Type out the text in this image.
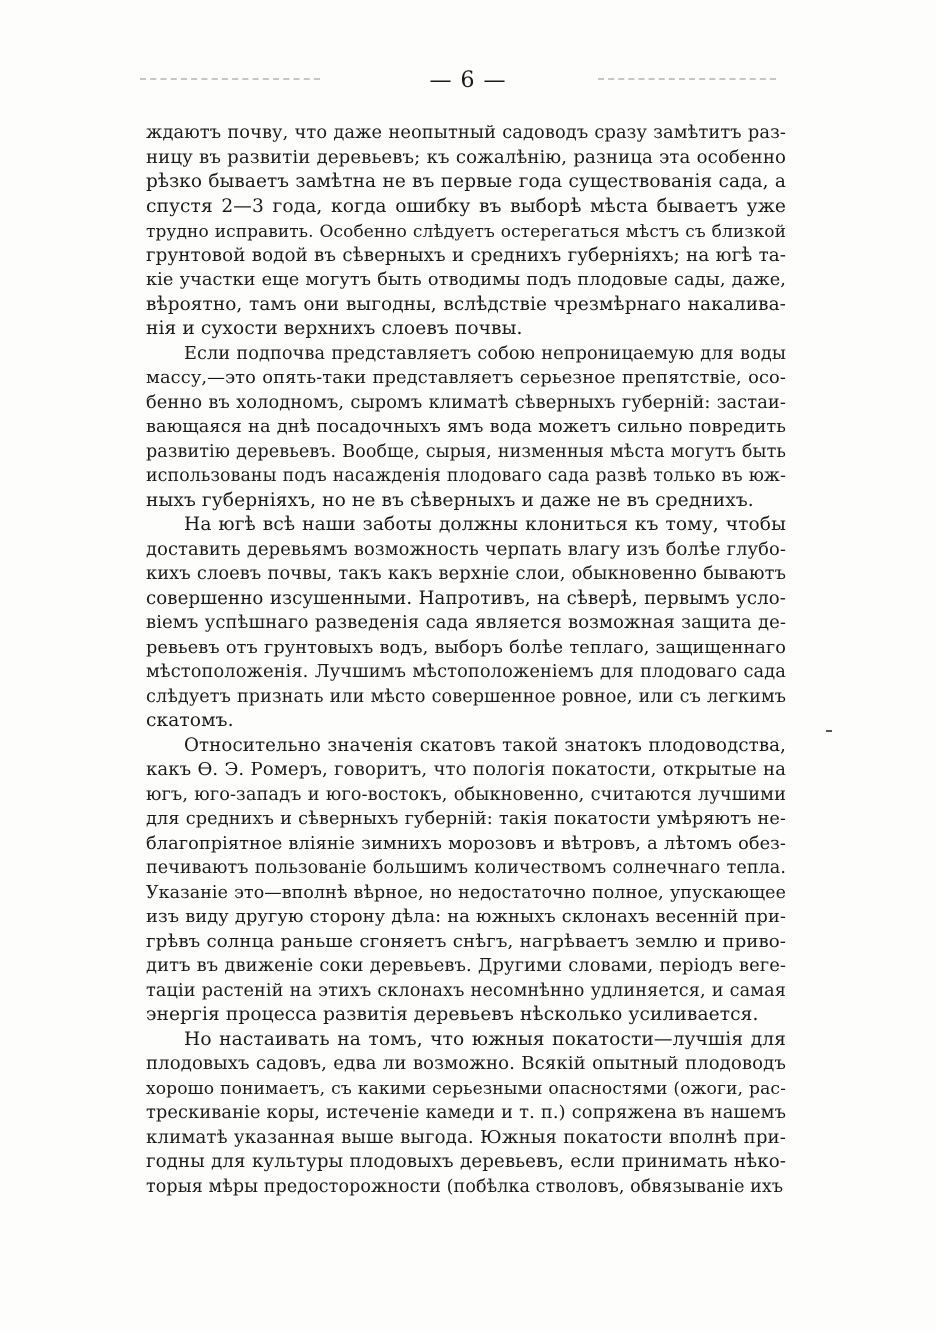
— 6 —
ждаютъ почву, что даже неопытный садоводъ сразу замѣтитъ раз-
ницу въ развитіи деревьевъ; къ сожалѣнію, разница эта особенно
рѣзко бываетъ замѣтна не въ первые года существованія сада, а
спустя 2—3 года, когда ошибку въ выборѣ мѣста бываетъ уже
трудно исправить. Особенно слѣдуетъ остерегаться мѣстъ съ близкой
грунтовой водой въ сѣверныхъ и среднихъ губерніяхъ; на югѣ та-
кіе участки еще могутъ быть отводимы подъ плодовые сады, даже,
вѣроятно, тамъ они выгодны, вслѣдствіе чрезмѣрнаго накалива-
нія и сухости верхнихъ слоевъ почвы.
Если подпочва представляетъ собою непроницаемую для воды
массу,—это опять-таки представляетъ серьезное препятствіе, осо-
бенно въ холодномъ, сыромъ климатѣ сѣверныхъ губерній: застаи-
вающаяся на днѣ посадочныхъ ямъ вода можетъ сильно повредить
развитію деревьевъ. Вообще, сырыя, низменныя мѣста могутъ быть
использованы подъ насажденія плодоваго сада развѣ только въ юж-
ныхъ губерніяхъ, но не въ сѣверныхъ и даже не въ среднихъ.
На югѣ всѣ наши заботы должны клониться къ тому, чтобы
доставить деревьямъ возможность черпать влагу изъ болѣе глубо-
кихъ слоевъ почвы, такъ какъ верхніе слои, обыкновенно бываютъ
совершенно изсушенными. Напротивъ, на сѣверѣ, первымъ усло-
віемъ успѣшнаго разведенія сада является возможная защита де-
ревьевъ отъ грунтовыхъ водъ, выборъ болѣе теплаго, защищеннаго
мѣстоположенія. Лучшимъ мѣстоположеніемъ для плодоваго сада
слѣдуетъ признать или мѣсто совершенное ровное, или съ легкимъ
скатомъ.
Относительно значенія скатовъ такой знатокъ плодоводства,
какъ Ѳ. Э. Ромеръ, говоритъ, что пологія покатости, открытые на
югъ, юго-западъ и юго-востокъ, обыкновенно, считаются лучшими
для среднихъ и сѣверныхъ губерній: такія покатости умѣряютъ не-
благопріятное вліяніе зимнихъ морозовъ и вѣтровъ, а лѣтомъ обез-
печиваютъ пользованіе большимъ количествомъ солнечнаго тепла.
Указаніе это—вполнѣ вѣрное, но недостаточно полное, упускающее
изъ виду другую сторону дѣла: на южныхъ склонахъ весенній при-
грѣвъ солнца раньше сгоняетъ снѣгъ, нагрѣваетъ землю и приво-
дитъ въ движеніе соки деревьевъ. Другими словами, періодъ веге-
таціи растеній на этихъ склонахъ несомнѣнно удлиняется, и самая
энергія процесса развитія деревьевъ нѣсколько усиливается.
Но настаивать на томъ, что южныя покатости—лучшія для
плодовыхъ садовъ, едва ли возможно. Всякій опытный плодоводъ
хорошо понимаетъ, съ какими серьезными опасностями (ожоги, рас-
трескиваніе коры, истеченіе камеди и т. п.) сопряжена въ нашемъ
климатѣ указанная выше выгода. Южныя покатости вполнѣ при-
годны для культуры плодовыхъ деревьевъ, если принимать нѣко-
торыя мѣры предосторожности (побѣлка стволовъ, обвязываніе ихъ
